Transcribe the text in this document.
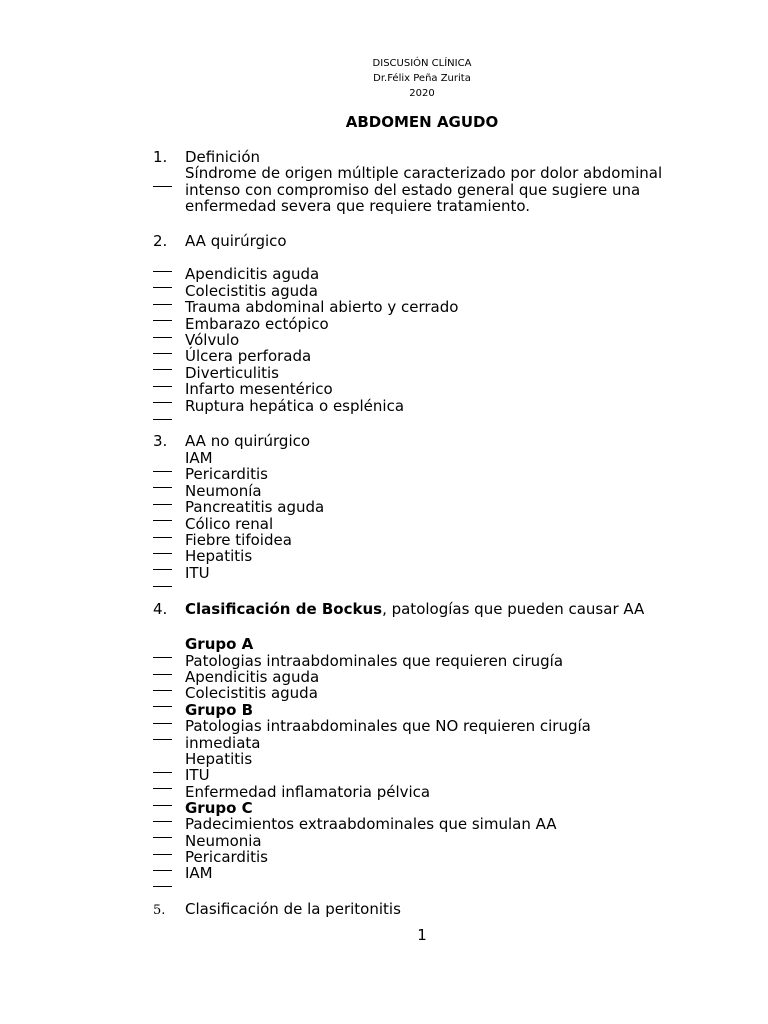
DISCUSIÓN CLÍNICA
Dr.Félix Peña Zurita
2020
ABDOMEN AGUDO
1. Definición
Síndrome de origen múltiple caracterizado por dolor abdominal
intenso con compromiso del estado general que sugiere una
enfermedad severa que requiere tratamiento.
2. AA quirúrgico
Apendicitis aguda
Colecistitis aguda
Trauma abdominal abierto y cerrado
Embarazo ectópico
Vólvulo
Úlcera perforada
Diverticulitis
Infarto mesentérico
Ruptura hepática o esplénica
3. AA no quirúrgico
IAM
Pericarditis
Neumonía
Pancreatitis aguda
Cólico renal
Fiebre tifoidea
Hepatitis
ITU
4. Clasificación de Bockus, patologías que pueden causar AA
Grupo A
Patologias intraabdominales que requieren cirugía
Apendicitis aguda
Colecistitis aguda
Grupo B
Patologias intraabdominales que NO requieren cirugía
inmediata
Hepatitis
ITU
Enfermedad inflamatoria pélvica
Grupo C
Padecimientos extraabdominales que simulan AA
Neumonia
Pericarditis
IAM
5. Clasificación de la peritonitis
1
